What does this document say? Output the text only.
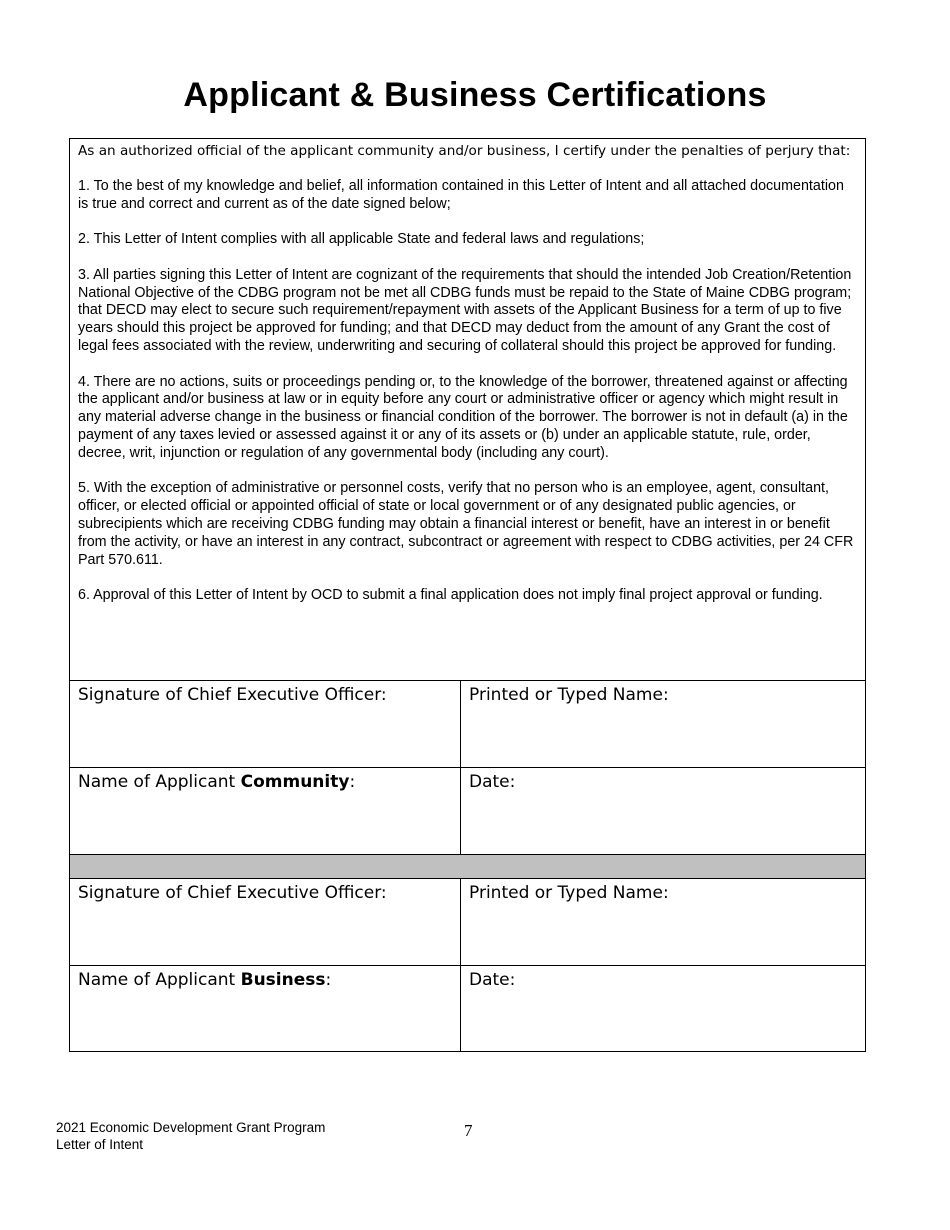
Applicant & Business Certifications

As an authorized official of the applicant community and/or business, I certify under the penalties of perjury that:

1. To the best of my knowledge and belief, all information contained in this Letter of Intent and all attached documentation is true and correct and current as of the date signed below;

2. This Letter of Intent complies with all applicable State and federal laws and regulations;

3. All parties signing this Letter of Intent are cognizant of the requirements that should the intended Job Creation/Retention National Objective of the CDBG program not be met all CDBG funds must be repaid to the State of Maine CDBG program; that DECD may elect to secure such requirement/repayment with assets of the Applicant Business for a term of up to five years should this project be approved for funding; and that DECD may deduct from the amount of any Grant the cost of legal fees associated with the review, underwriting and securing of collateral should this project be approved for funding.

4. There are no actions, suits or proceedings pending or, to the knowledge of the borrower, threatened against or affecting the applicant and/or business at law or in equity before any court or administrative officer or agency which might result in any material adverse change in the business or financial condition of the borrower. The borrower is not in default (a) in the payment of any taxes levied or assessed against it or any of its assets or (b) under an applicable statute, rule, order, decree, writ, injunction or regulation of any governmental body (including any court).

5. With the exception of administrative or personnel costs, verify that no person who is an employee, agent, consultant, officer, or elected official or appointed official of state or local government or of any designated public agencies, or subrecipients which are receiving CDBG funding may obtain a financial interest or benefit, have an interest in or benefit from the activity, or have an interest in any contract, subcontract or agreement with respect to CDBG activities, per 24 CFR Part 570.611.

6. Approval of this Letter of Intent by OCD to submit a final application does not imply final project approval or funding.

Signature of Chief Executive Officer:	Printed or Typed Name:
Name of Applicant Community:	Date:
Signature of Chief Executive Officer:	Printed or Typed Name:
Name of Applicant Business:	Date:
2021 Economic Development Grant Program
Letter of Intent
7
